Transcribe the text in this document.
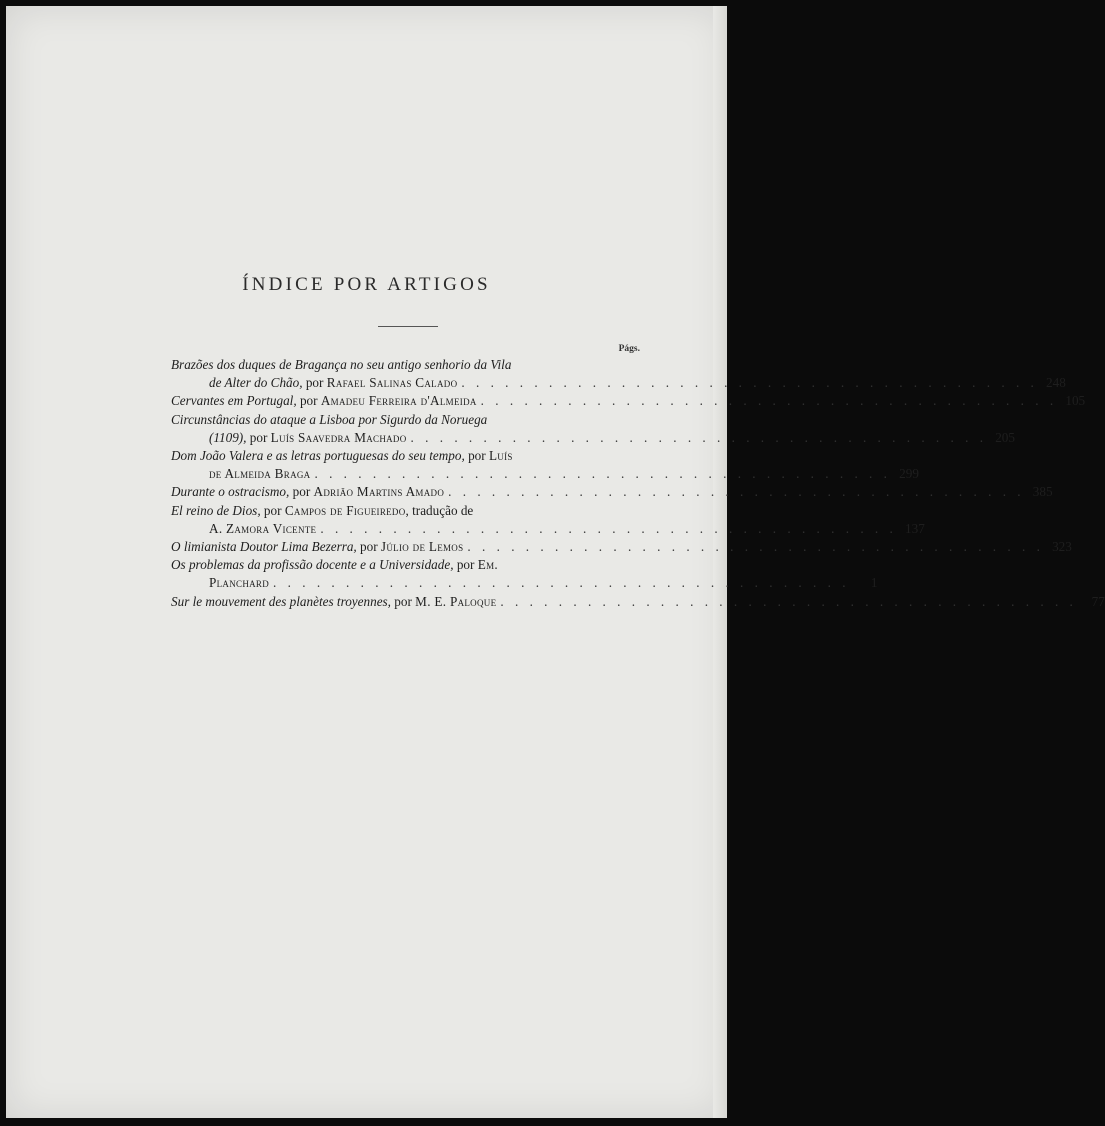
ÍNDICE POR ARTIGOS
Págs.
Brazões dos duques de Bragança no seu antigo senhorio da Vila
de Alter do Chão, por Rafael Salinas Calado . . . . . . . . . . . . . . . . . . . . . . . . . . . . . . . . . . . . . . . . 248
Cervantes em Portugal, por Amadeu Ferreira d'Almeida . . . . . . . . . . . . . . . . . . . . . . . . . . . . . . . . . . . . . . . . 105
Circunstâncias do ataque a Lisboa por Sigurdo da Noruega
(1109), por Luís Saavedra Machado . . . . . . . . . . . . . . . . . . . . . . . . . . . . . . . . . . . . . . . . 205
Dom João Valera e as letras portuguesas do seu tempo, por Luís
de Almeida Braga . . . . . . . . . . . . . . . . . . . . . . . . . . . . . . . . . . . . . . . . 299
Durante o ostracismo, por Adrião Martins Amado . . . . . . . . . . . . . . . . . . . . . . . . . . . . . . . . . . . . . . . . 385
El reino de Dios, por Campos de Figueiredo, tradução de
A. Zamora Vicente . . . . . . . . . . . . . . . . . . . . . . . . . . . . . . . . . . . . . . . . 137
O limianista Doutor Lima Bezerra, por Júlio de Lemos . . . . . . . . . . . . . . . . . . . . . . . . . . . . . . . . . . . . . . . . 323
Os problemas da profissão docente e a Universidade, por Em.
Planchard . . . . . . . . . . . . . . . . . . . . . . . . . . . . . . . . . . . . . . . .	1
Sur le mouvement des planètes troyennes, por M. E. Paloque . . . . . . . . . . . . . . . . . . . . . . . . . . . . . . . . . . . . . . . .	77
